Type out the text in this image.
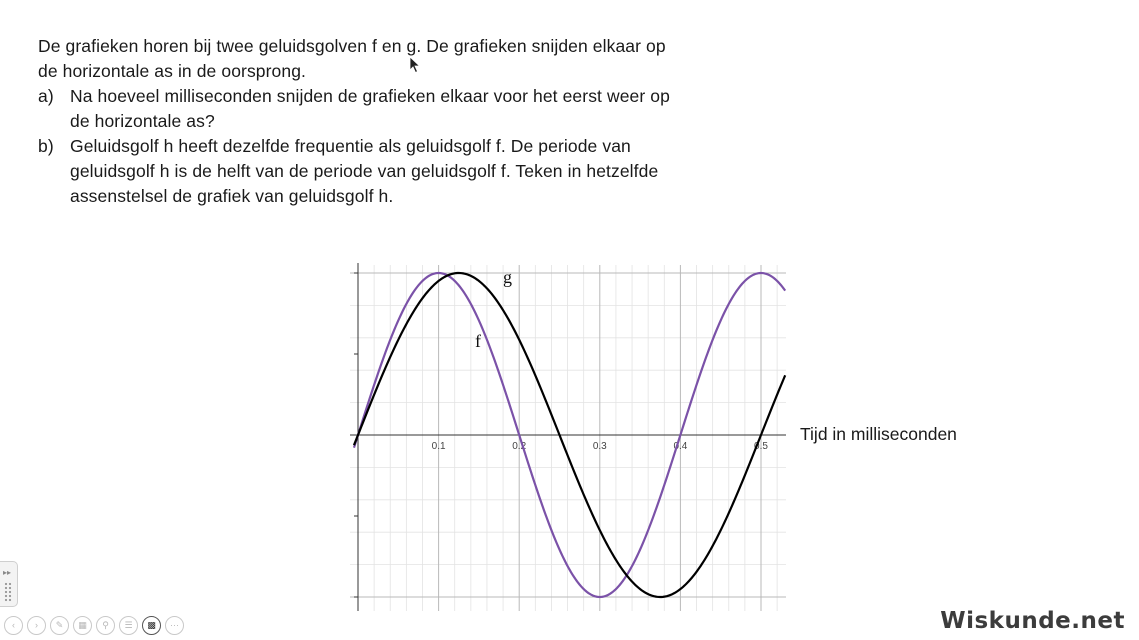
De grafieken horen bij twee geluidsgolven f en g. De grafieken snijden elkaar op

de horizontale as in de oorsprong.

a) Na hoeveel milliseconden snijden de grafieken elkaar voor het eerst weer op

de horizontale as?

b) Geluidsgolf h heeft dezelfde frequentie als geluidsgolf f. De periode van

geluidsgolf h is de helft van de periode van geluidsgolf f. Teken in hetzelfde

assenstelsel de grafiek van geluidsgolf h.

0.1	0.2	0.3	0.4	0.5
g
f
Tijd in milliseconden
▸▸
‹	›	✎	▦	⚲	☰	▩	···	Wiskunde.net
